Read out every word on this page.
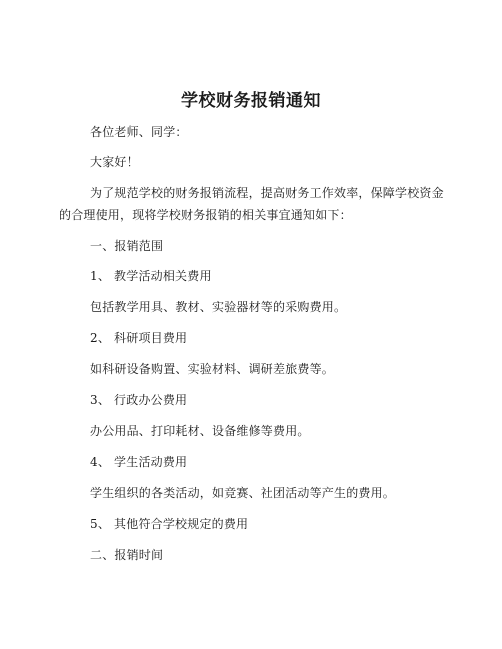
学校财务报销通知
各位老师、同学：
大家好！
为了规范学校的财务报销流程，提高财务工作效率，保障学校资金
的合理使用，现将学校财务报销的相关事宜通知如下：
一、报销范围
1、 教学活动相关费用
包括教学用具、教材、实验器材等的采购费用。
2、 科研项目费用
如科研设备购置、实验材料、调研差旅费等。
3、 行政办公费用
办公用品、打印耗材、设备维修等费用。
4、 学生活动费用
学生组织的各类活动，如竞赛、社团活动等产生的费用。
5、 其他符合学校规定的费用
二、报销时间
